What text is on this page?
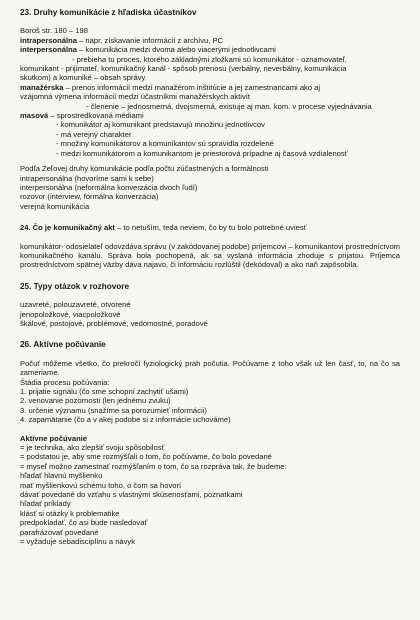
23. Druhy komunikácie z hľadiska účastníkov

Boroš str. 180 – 198

intrapersonálna – napr. získavanie informácií z archívu, PC

interpersonálna – komunikácia medzi dvoma alebo viacerými jednotlivcami

- prebieha tu proces, ktorého základnými zložkami sú komunikátor - oznamovateľ,

komunikant - prijímateľ, komunikačný kanál - spôsob prenosu (verbálny, neverbálny, komunikácia

skutkom) a komuniké – obsah správy

manažérska – prenos informácií medzi manažérom inštitúcie a jej zamestnancami ako aj

vzájomná výmena informácií medzi účastníkmi manažérskych aktivít

- členenie – jednosmerná, dvojsmerná, existuje aj man. kom. v procese vyjednávania

masová – sprostredkovaná médiami

- komunikátor aj komunikant predstavujú množinu jednotlivcov

- má verejný charakter

- množiny komunikátorov a komunikantov sú spravidla rozdelené

- medzi komunikátorom a komunikantom je priestorová prípadne aj časová vzdialenosť

Podľa Zeľovej druhy komunikácie podľa počtu zúčastnených a formálnosti

intrapersonálna (hovoríme sami k sebe)

interpersonálna (neformálna konverzácia dvoch ľudí)

rozovor (interview, formálna konverzácia)

verejná komunikácia

24. Čo je komunikačný akt – to netuším, teda neviem, čo by tu bolo potrebné uviesť

komunikátor- odosielateľ odovzdáva správu (v zakódovanej podobe) príjemcovi – komunikantovi prostredníctvom komunikačného kanálu. Správa bola pochopená, ak sa vyslaná informácia zhoduje s prijatou. Príjemca prostredníctvom spätnej väzby dáva najavo, či informáciu rozlúštil (dekódoval) a ako naň zapôsobila.

25. Typy otázok v rozhovore

uzavreté, polouzavreté, otvorené

jenopoložkové, viacpoložkové

škálové, postojové, problémové, vedomostné, poradové

26. Aktívne počúvanie

Počuť môžeme všetko, čo prekročí fyziologický prah počutia. Počúvame z toho však už len časť, to, na čo sa zameriame.

Štádia procesu počúvania:

1. prijatie signálu (čo sme schopní zachytiť ušami)

2. venovanie pozornosti (len jednému zvuku)

3. určenie významu (snažíme sa porozumieť informácii)

4. zapamätanie (čo a v akej podobe si z informácie uchováme)

Aktívne počúvanie

= je technika, ako zlepšiť svoju spôsobilosť

= podstatou je, aby sme rozmýšľali o tom, čo počúvame, čo bolo povedané

= myseľ možno zamestnať rozmýšľaním o tom, čo sa rozpráva tak, že budeme:

hľadať hlavnú myšlienku

mať myšlienkovú schému toho, o čom sa hovorí

dávať povedané do vzťahu s vlastnými skúsenosťami, poznatkami

hľadať príklady

klásť si otázky k problematike

predpokladať, čo asi bude nasledovať

parafrázovať povedané

= vyžaduje sebadisciplínu a návyk
